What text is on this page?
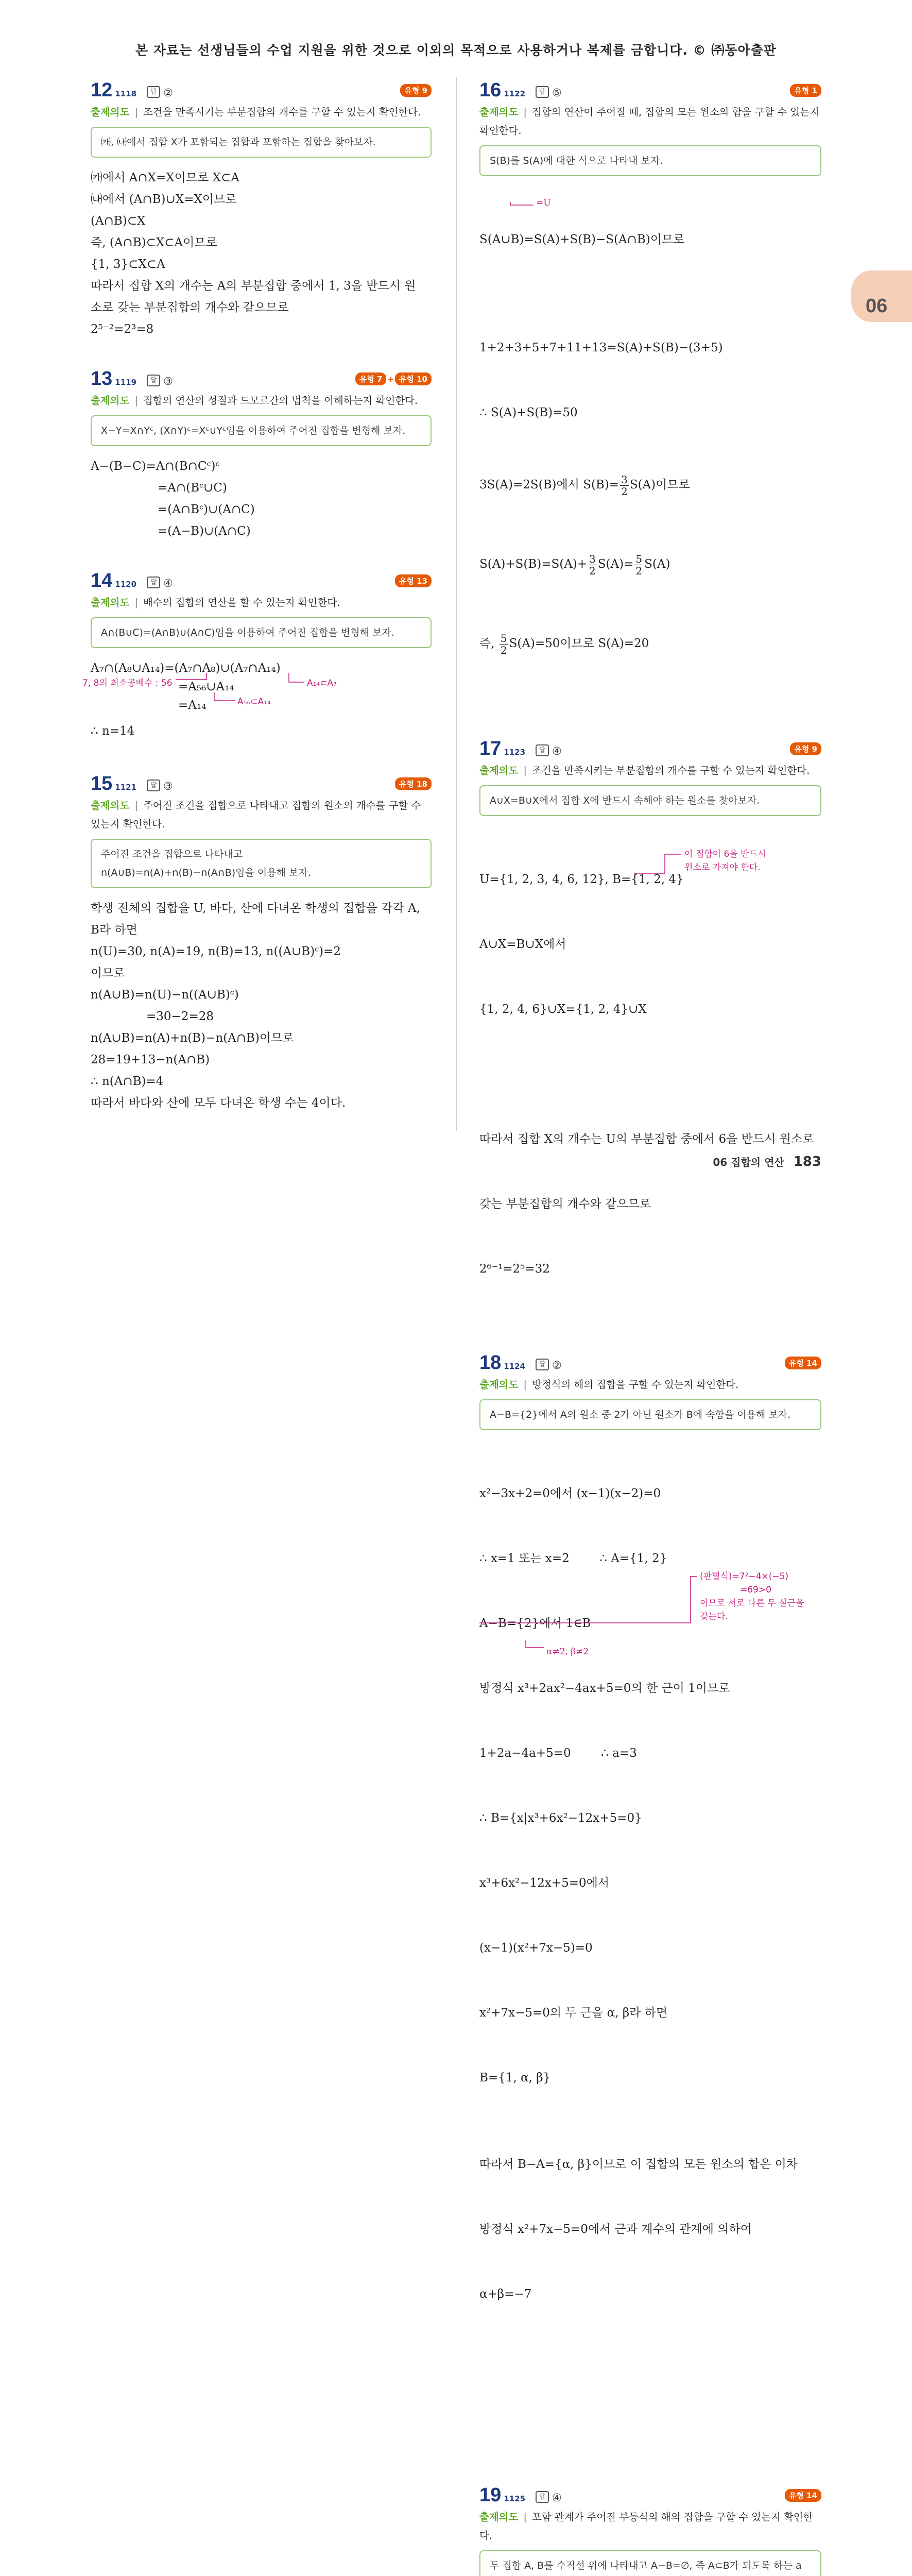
본 자료는 선생님들의 수업 지원을 위한 것으로 이외의 목적으로 사용하거나 복제를 금합니다. © ㈜동아출판
12 1118	답 ②	유형 9
출제의도 | 조건을 만족시키는 부분집합의 개수를 구할 수 있는지 확인한다.
㈎, ㈏에서 집합 X가 포함되는 집합과 포함하는 집합을 찾아보자.
㈎에서 A∩X=X이므로 X⊂A
㈏에서 (A∩B)∪X=X이므로
(A∩B)⊂X
즉, (A∩B)⊂X⊂A이므로
{1, 3}⊂X⊂A
따라서 집합 X의 개수는 A의 부분집합 중에서 1, 3을 반드시 원
소로 갖는 부분집합의 개수와 같으므로
2⁵⁻²=2³=8
13 1119	답 ③	유형 7 + 유형 10
출제의도 | 집합의 연산의 성질과 드모르간의 법칙을 이해하는지 확인한다.
X−Y=X∩Yᶜ, (X∩Y)ᶜ=Xᶜ∪Yᶜ임을 이용하여 주어진 집합을 변형해 보자.
A−(B−C)=A∩(B∩Cᶜ)ᶜ
=A∩(Bᶜ∪C)
=(A∩Bᶜ)∪(A∩C)
=(A−B)∪(A∩C)
14 1120	답 ④	유형 13
출제의도 | 배수의 집합의 연산을 할 수 있는지 확인한다.
A∩(B∪C)=(A∩B)∪(A∩C)임을 이용하여 주어진 집합을 변형해 보자.

A₇∩(A₈∪A₁₄)=(A₇∩A₈)∪(A₇∩A₁₄)

7, 8의 최소공배수 : 56

=A₅₆∪A₁₄

	A₁₄⊂A₇

=A₁₄

	A₅₆⊂A₁₄

∴ n=14

15 1121	답 ③	유형 18
출제의도 | 주어진 조건을 집합으로 나타내고 집합의 원소의 개수를 구할 수 있는지 확인한다.
주어진 조건을 집합으로 나타내고
n(A∪B)=n(A)+n(B)−n(A∩B)임을 이용해 보자.
학생 전체의 집합을 U, 바다, 산에 다녀온 학생의 집합을 각각 A,
B라 하면
n(U)=30, n(A)=19, n(B)=13, n((A∪B)ᶜ)=2
이므로
n(A∪B)=n(U)−n((A∪B)ᶜ)
=30−2=28
n(A∪B)=n(A)+n(B)−n(A∩B)이므로
28=19+13−n(A∩B)
∴ n(A∩B)=4
따라서 바다와 산에 모두 다녀온 학생 수는 4이다.
16 1122	답 ⑤	유형 1
출제의도 | 집합의 연산이 주어질 때, 집합의 모든 원소의 합을 구할 수 있는지 확인한다.
S(B)를 S(A)에 대한 식으로 나타내 보자.

S(A∪B)=S(A)+S(B)−S(A∩B)이므로

=U

1+2+3+5+7+11+13=S(A)+S(B)−(3+5)

∴ S(A)+S(B)=50

3S(A)=2S(B)에서 $S(B)= \frac{3}{2} S(A)$이므로

$S(A)+S(B)=S(A)+ \frac{3}{2} S(A)= \frac{5}{2} S(A)$

즉, $\frac{5}{2} S(A)=50$이므로 S(A)=20

17 1123	답 ④	유형 9
출제의도 | 조건을 만족시키는 부분집합의 개수를 구할 수 있는지 확인한다.
A∪X=B∪X에서 집합 X에 반드시 속해야 하는 원소를 찾아보자.

U={1, 2, 3, 4, 6, 12}, B={1, 2, 4}

A∪X=B∪X에서

{1, 2, 4, 6}∪X={1, 2, 4}∪X

이 집합이 6을 반드시

원소로 가져야 한다.

따라서 집합 X의 개수는 U의 부분집합 중에서 6을 반드시 원소로

갖는 부분집합의 개수와 같으므로

2⁶⁻¹=2⁵=32

18 1124	답 ②	유형 14
출제의도 | 방정식의 해의 집합을 구할 수 있는지 확인한다.
A−B={2}에서 A의 원소 중 2가 아닌 원소가 B에 속함을 이용해 보자.

x²−3x+2=0에서 (x−1)(x−2)=0

∴ x=1 또는 x=2        ∴ A={1, 2}

A−B={2}에서 1∈B

방정식 x³+2ax²−4ax+5=0의 한 근이 1이므로

1+2a−4a+5=0        ∴ a=3

∴ B={x|x³+6x²−12x+5=0}

x³+6x²−12x+5=0에서

(x−1)(x²+7x−5)=0

x²+7x−5=0의 두 근을 α, β라 하면

B={1, α, β}

α≠2, β≠2

따라서 B−A={α, β}이므로 이 집합의 모든 원소의 합은 이차

방정식 x²+7x−5=0에서 근과 계수의 관계에 의하여

α+β=−7

(판별식)=7²−4×(−5)

=69>0

이므로 서로 다른 두 실근을

갖는다.

19 1125	답 ④	유형 14
출제의도 | 포함 관계가 주어진 부등식의 해의 집합을 구할 수 있는지 확인한다.
두 집합 A, B를 수직선 위에 나타내고 A−B=∅, 즉 A⊂B가 되도록 하는 a
06
06 집합의 연산 183
